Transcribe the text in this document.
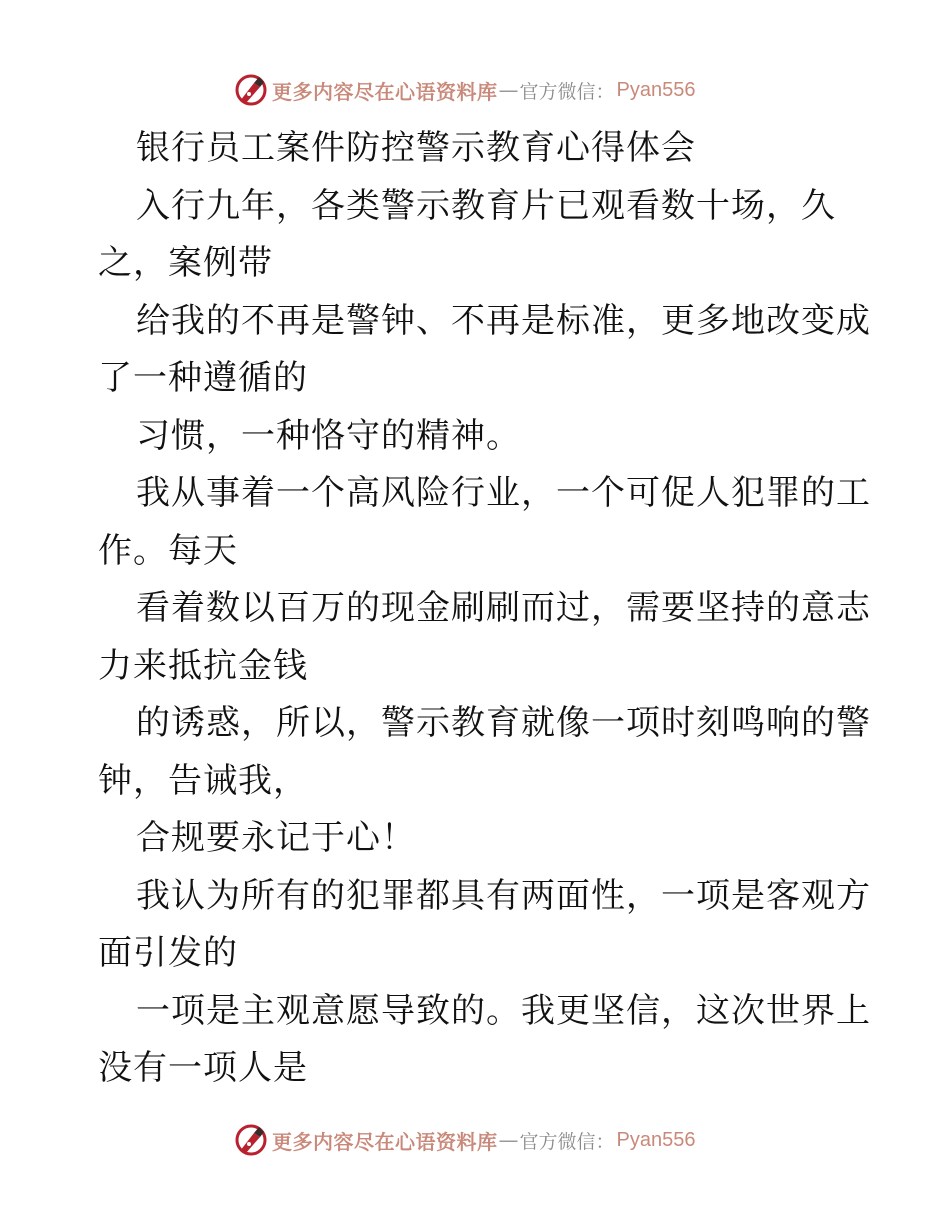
更多内容尽在心语资料库 — 官方微信： Pyan556
银行员工案件防控警示教育心得体会
入行九年，各类警示教育片已观看数十场，久
之，案例带
给我的不再是警钟、不再是标准，更多地改变成
了一种遵循的
习惯，一种恪守的精神。
我从事着一个高风险行业，一个可促人犯罪的工
作。每天
看着数以百万的现金刷刷而过，需要坚持的意志
力来抵抗金钱
的诱惑，所以，警示教育就像一项时刻鸣响的警
钟，告诫我，
合规要永记于心！
我认为所有的犯罪都具有两面性，一项是客观方
面引发的
一项是主观意愿导致的。我更坚信，这次世界上
没有一项人是
更多内容尽在心语资料库 — 官方微信： Pyan556
